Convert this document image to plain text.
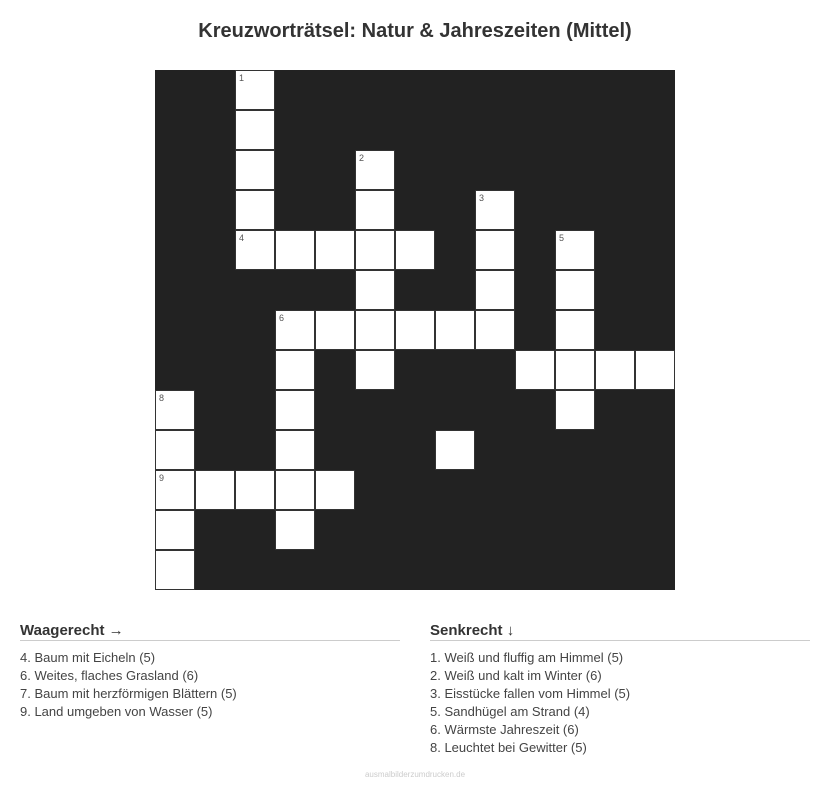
Kreuzworträtsel: Natur & Jahreszeiten (Mittel)
1
4
2
3
5
6
8
9
Waagerecht →
4. Baum mit Eicheln (5)
6. Weites, flaches Grasland (6)
7. Baum mit herzförmigen Blättern (5)
9. Land umgeben von Wasser (5)
Senkrecht ↓
1. Weiß und fluffig am Himmel (5)
2. Weiß und kalt im Winter (6)
3. Eisstücke fallen vom Himmel (5)
5. Sandhügel am Strand (4)
6. Wärmste Jahreszeit (6)
8. Leuchtet bei Gewitter (5)
ausmalbilderzumdrucken.de
